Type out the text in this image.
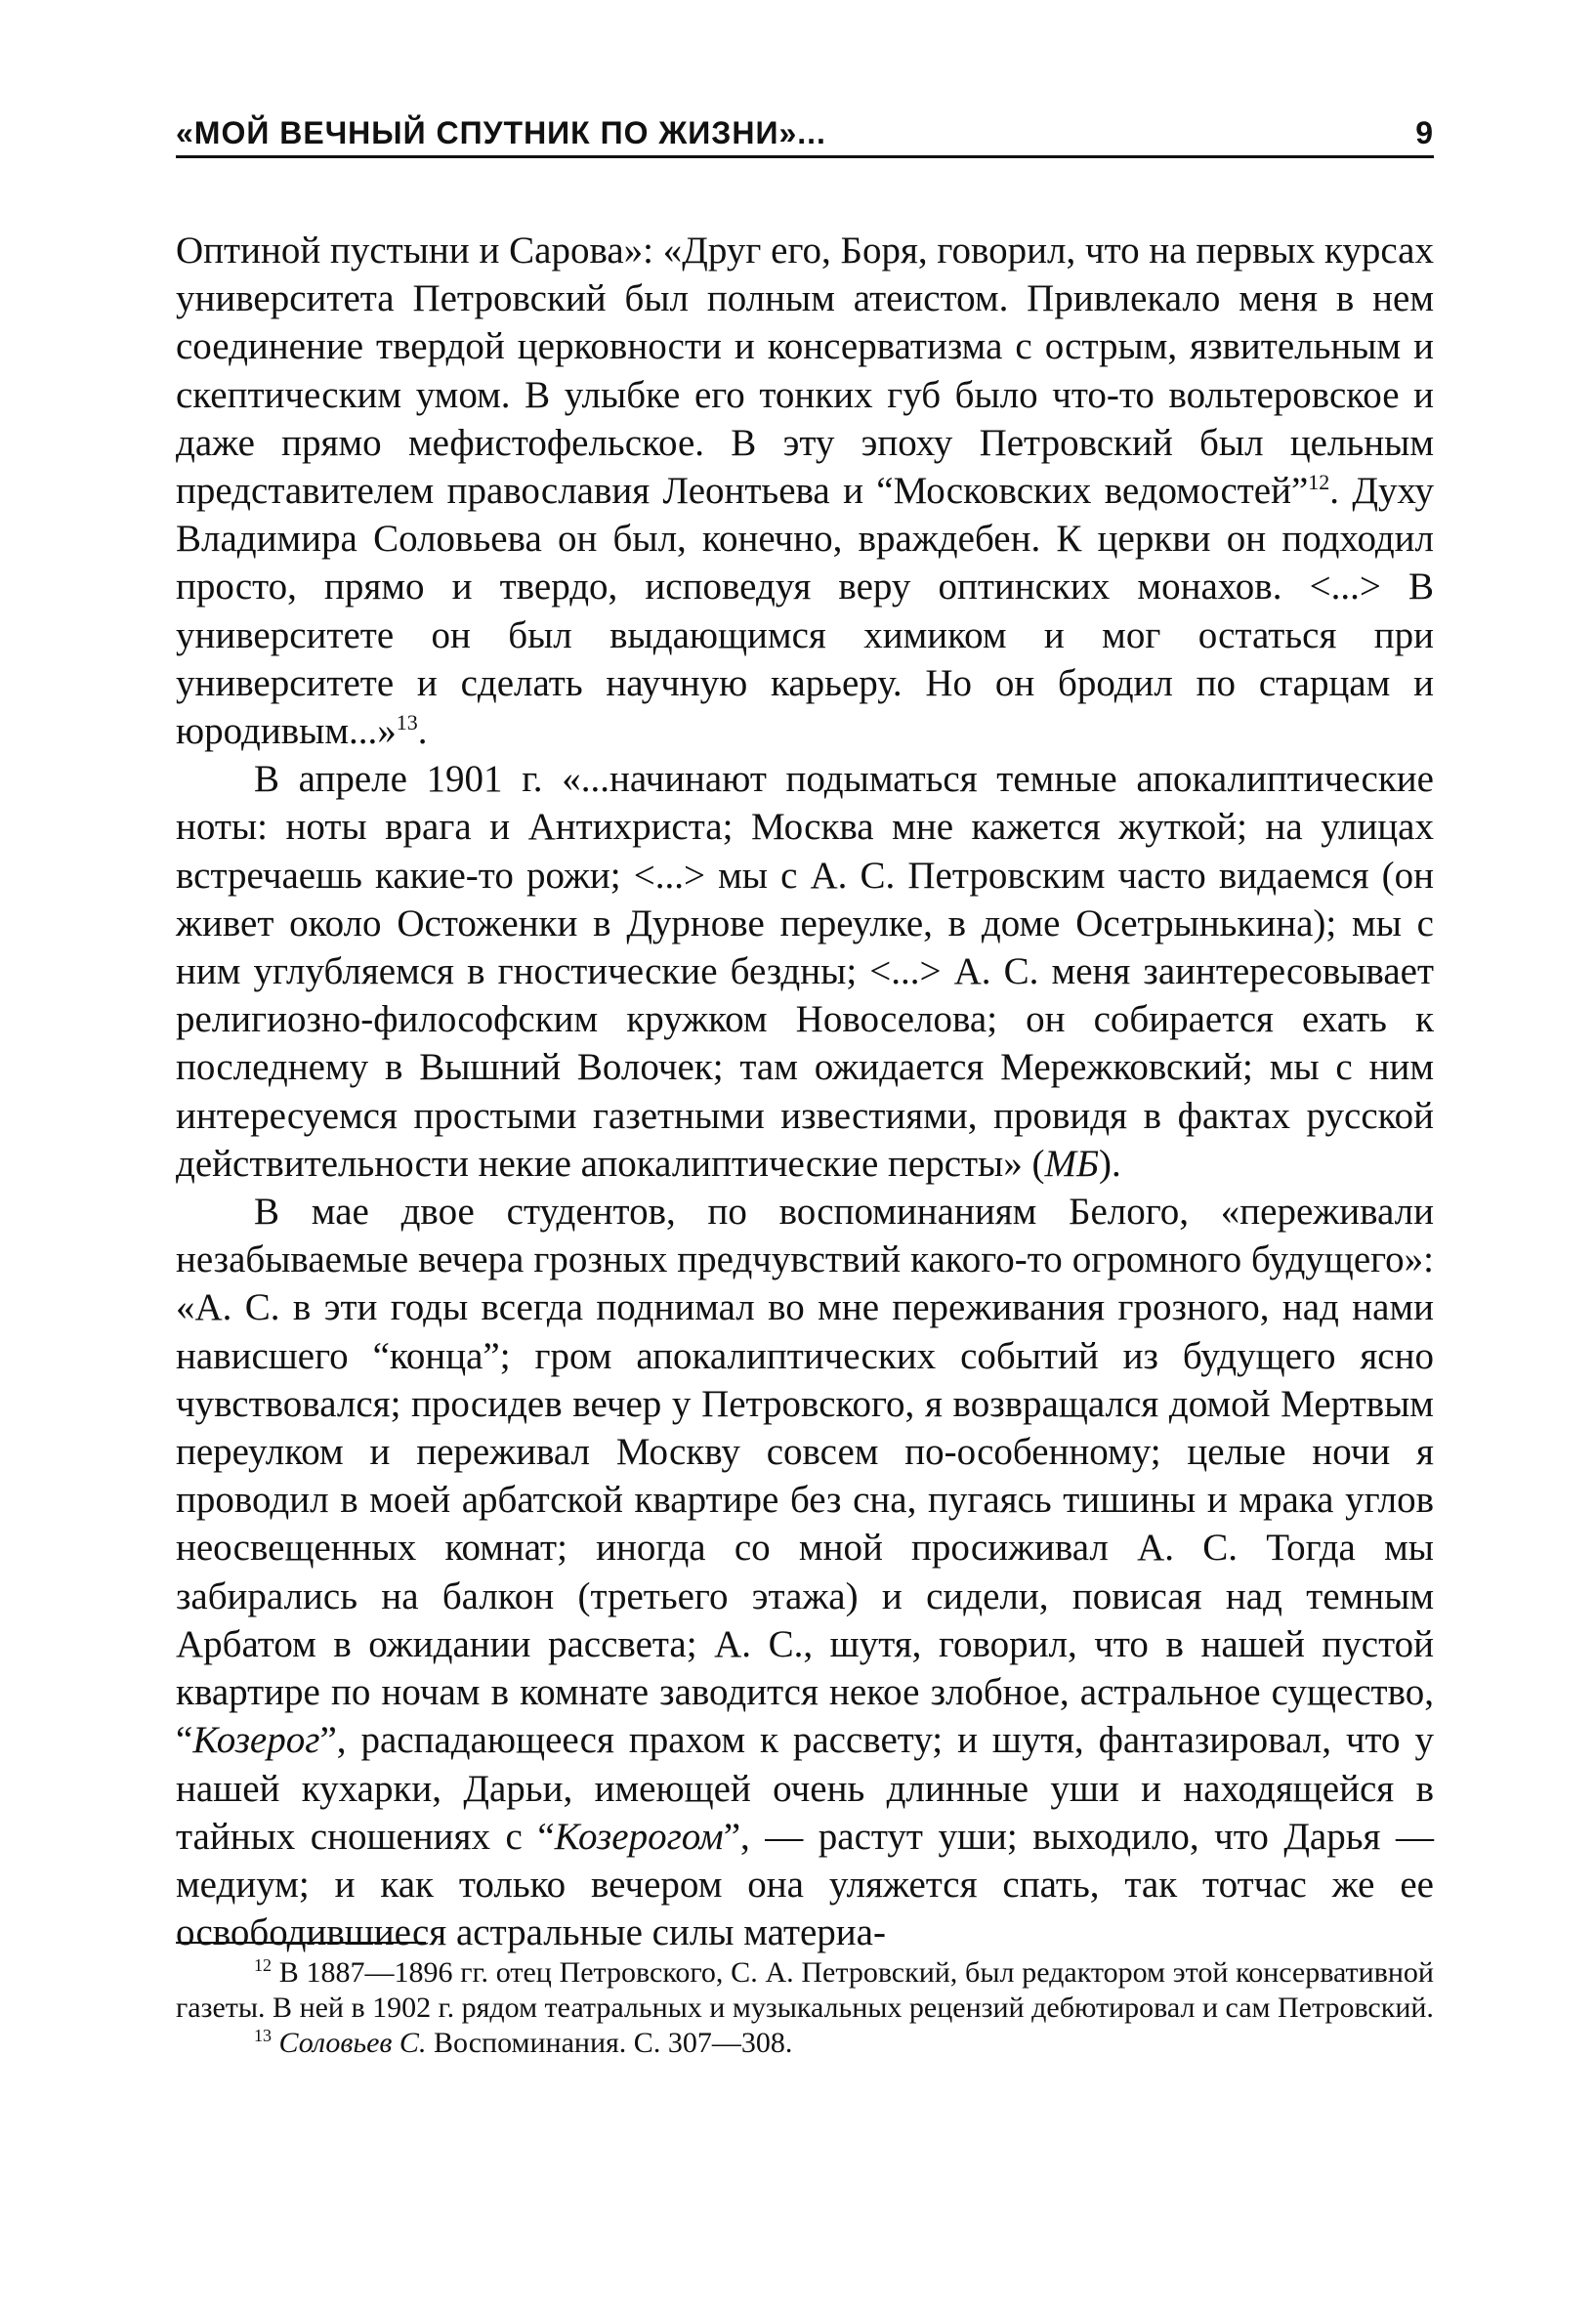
«МОЙ ВЕЧНЫЙ СПУТНИК ПО ЖИЗНИ»...	9

Оптиной пустыни и Сарова»: «Друг его, Боря, говорил, что на первых курсах университета Петровский был полным атеистом. Привлекало меня в нем соединение твердой церковности и консерватизма с острым, язвительным и скептическим умом. В улыбке его тонких губ было что-то вольтеровское и даже прямо мефистофельское. В эту эпоху Петровский был цельным представителем православия Леонтьева и “Московских ведомостей”$^{12}$. Духу Владимира Соловьева он был, конечно, враждебен. К церкви он подходил просто, прямо и твердо, исповедуя веру оптинских монахов. <...> В университете он был выдающимся химиком и мог остаться при университете и сделать научную карьеру. Но он бродил по старцам и юродивым...»$^{13}$.

В апреле 1901 г. «...начинают подыматься темные апокалиптические ноты: ноты врага и Антихриста; Москва мне кажется жуткой; на улицах встречаешь какие-то рожи; <...> мы с А. С. Петровским часто видаемся (он живет около Остоженки в Дурнове переулке, в доме Осетрынькина); мы с ним углубляемся в гностические бездны; <...> А. С. меня заинтересовывает религиозно-философским кружком Новоселова; он собирается ехать к последнему в Вышний Волочек; там ожидается Мережковский; мы с ним интересуемся простыми газетными известиями, провидя в фактах русской действительности некие апокалиптические персты» (МБ).

В мае двое студентов, по воспоминаниям Белого, «переживали незабываемые вечера грозных предчувствий какого-то огромного будущего»: «А. С. в эти годы всегда поднимал во мне переживания грозного, над нами нависшего “конца”; гром апокалиптических событий из будущего ясно чувствовался; просидев вечер у Петровского, я возвращался домой Мертвым переулком и переживал Москву совсем по-особенному; целые ночи я проводил в моей арбатской квартире без сна, пугаясь тишины и мрака углов неосвещенных комнат; иногда со мной просиживал А. С. Тогда мы забирались на балкон (третьего этажа) и сидели, повисая над темным Арбатом в ожидании рассвета; А. С., шутя, говорил, что в нашей пустой квартире по ночам в комнате заводится некое злобное, астральное существо, “Козерог”, распадающееся прахом к рассвету; и шутя, фантазировал, что у нашей кухарки, Дарьи, имеющей очень длинные уши и находящейся в тайных сношениях с “Козерогом”, — растут уши; выходило, что Дарья — медиум; и как только вечером она уляжется спать, так тотчас же ее освободившиеся астральные силы материа-

$^{12}$ В 1887—1896 гг. отец Петровского, С. А. Петровский, был редактором этой консервативной газеты. В ней в 1902 г. рядом театральных и музыкальных рецензий дебютировал и сам Петровский.

$^{13}$ Соловьев С. Воспоминания. С. 307—308.
